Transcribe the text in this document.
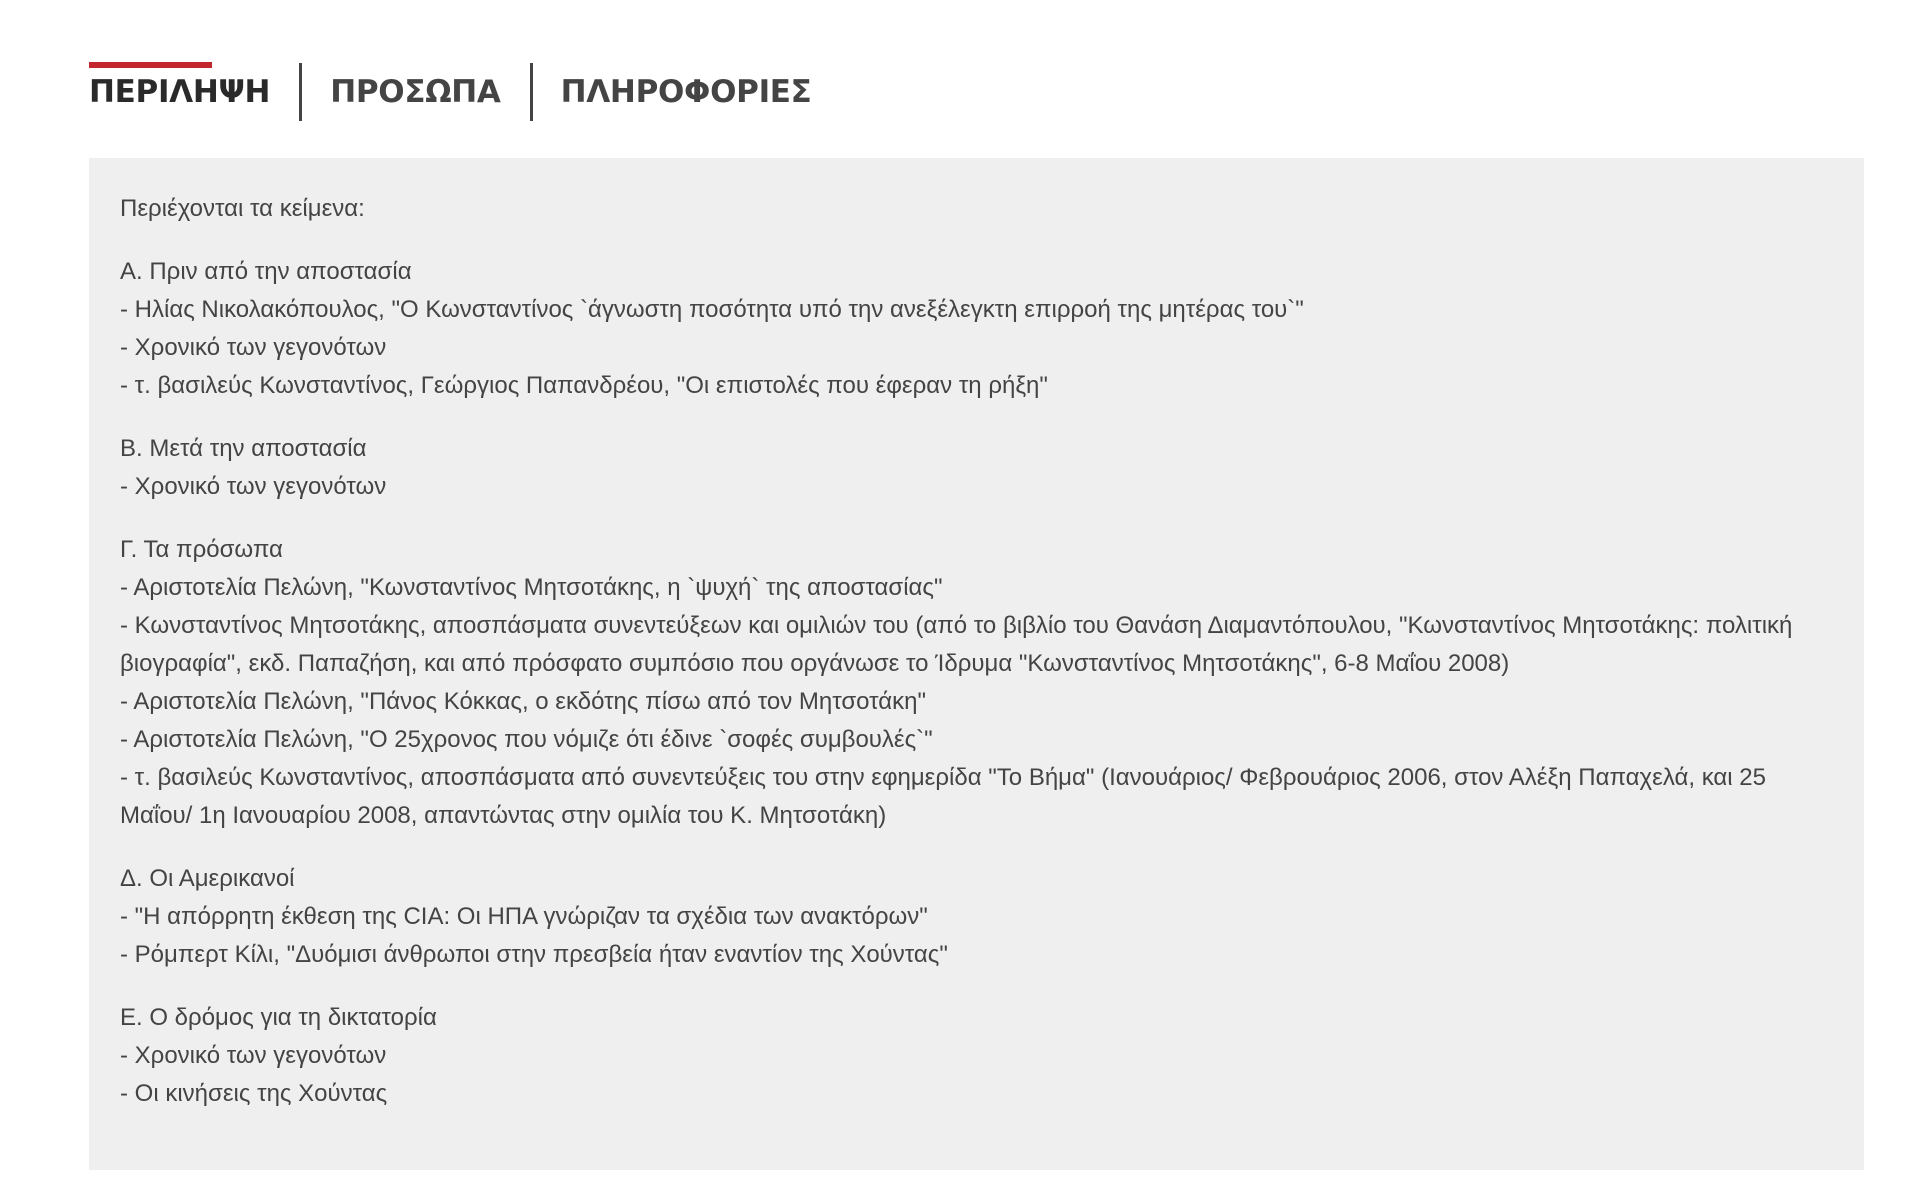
ΠΕΡΙΛΗΨΗ ΠΡΟΣΩΠΑ ΠΛΗΡΟΦΟΡΙΕΣ

Περιέχονται τα κείμενα:

Α. Πριν από την αποστασία

- Ηλίας Νικολακόπουλος, "Ο Κωνσταντίνος `άγνωστη ποσότητα υπό την ανεξέλεγκτη επιρροή της μητέρας του`"

- Χρονικό των γεγονότων

- τ. βασιλεύς Κωνσταντίνος, Γεώργιος Παπανδρέου, "Οι επιστολές που έφεραν τη ρήξη"

Β. Μετά την αποστασία

- Χρονικό των γεγονότων

Γ. Τα πρόσωπα

- Αριστοτελία Πελώνη, "Κωνσταντίνος Μητσοτάκης, η `ψυχή` της αποστασίας"

- Κωνσταντίνος Μητσοτάκης, αποσπάσματα συνεντεύξεων και ομιλιών του (από το βιβλίο του Θανάση Διαμαντόπουλου, "Κωνσταντίνος Μητσοτάκης: πολιτική βιογραφία", εκδ. Παπαζήση, και από πρόσφατο συμπόσιο που οργάνωσε το Ίδρυμα "Κωνσταντίνος Μητσοτάκης", 6-8 Μαΐου 2008)

- Αριστοτελία Πελώνη, "Πάνος Κόκκας, ο εκδότης πίσω από τον Μητσοτάκη"

- Αριστοτελία Πελώνη, "Ο 25χρονος που νόμιζε ότι έδινε `σοφές συμβουλές`"

- τ. βασιλεύς Κωνσταντίνος, αποσπάσματα από συνεντεύξεις του στην εφημερίδα "Το Βήμα" (Ιανουάριος/ Φεβρουάριος 2006, στον Αλέξη Παπαχελά, και 25 Μαΐου/ 1η Ιανουαρίου 2008, απαντώντας στην ομιλία του Κ. Μητσοτάκη)

Δ. Οι Αμερικανοί

- "Η απόρρητη έκθεση της CIA: Οι ΗΠΑ γνώριζαν τα σχέδια των ανακτόρων"

- Ρόμπερτ Κίλι, "Δυόμισι άνθρωποι στην πρεσβεία ήταν εναντίον της Χούντας"

Ε. Ο δρόμος για τη δικτατορία

- Χρονικό των γεγονότων

- Οι κινήσεις της Χούντας
